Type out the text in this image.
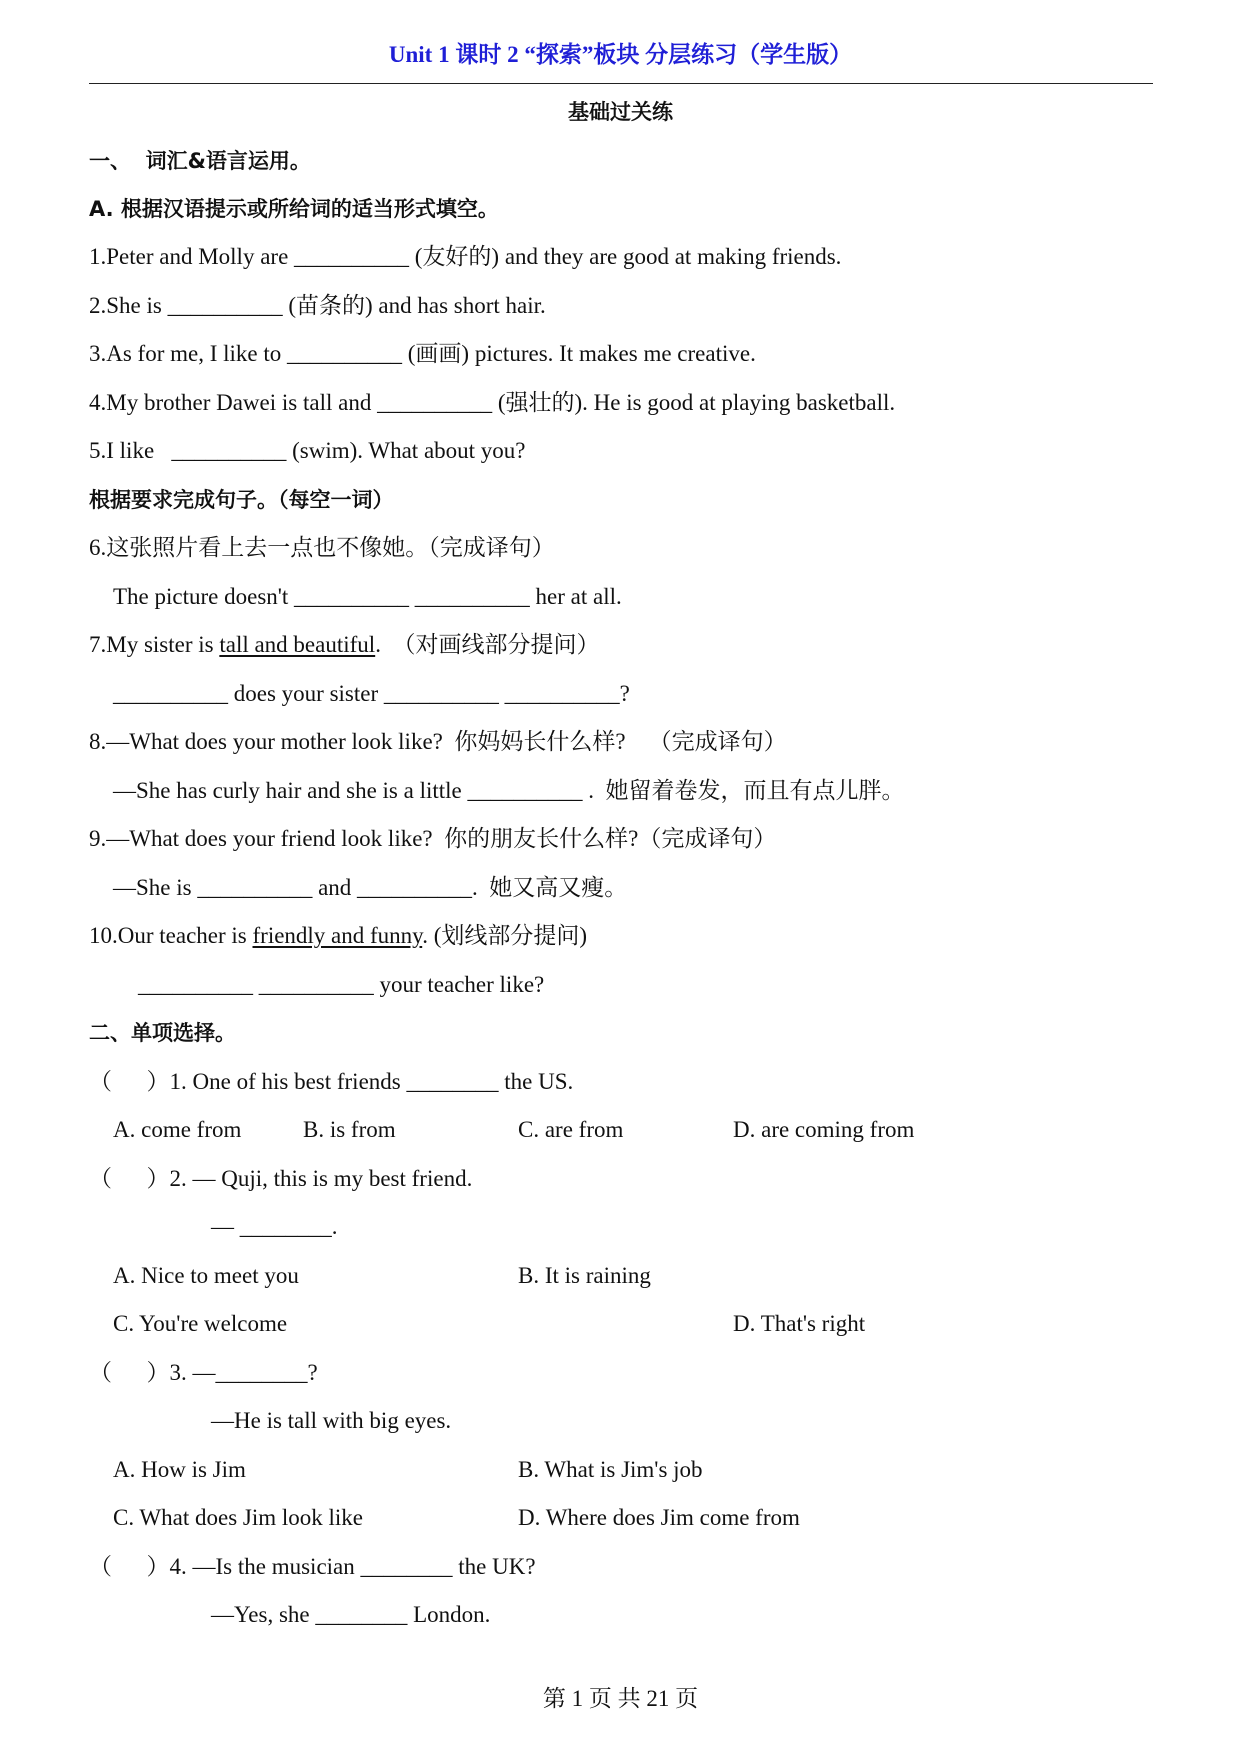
Unit 1 课时 2 “探索”板块 分层练习（学生版）
基础过关练
一、  词汇&语言运用。
A. 根据汉语提示或所给词的适当形式填空。
1.Peter and Molly are __________ (友好的) and they are good at making friends.
2.She is __________ (苗条的) and has short hair.
3.As for me, I like to __________ (画画) pictures. It makes me creative.
4.My brother Dawei is tall and __________ (强壮的). He is good at playing basketball.
5.I like   __________ (swim). What about you?
根据要求完成句子。（每空一词）
6.这张照片看上去一点也不像她。（完成译句）
The picture doesn't __________ __________ her at all.
7.My sister is tall and beautiful.  （对画线部分提问）
__________ does your sister __________ __________?
8.—What does your mother look like?  你妈妈长什么样?    （完成译句）
—She has curly hair and she is a little __________ .  她留着卷发，而且有点儿胖。
9.—What does your friend look like?  你的朋友长什么样?（完成译句）
—She is __________ and __________.  她又高又瘦。
10.Our teacher is friendly and funny. (划线部分提问)
__________ __________ your teacher like?
二、单项选择。
（      ）1. One of his best friends ________ the US.
A. come from	B. is from	C. are from	D. are coming from
（      ）2. — Quji, this is my best friend.
— ________.
A. Nice to meet you	B. It is raining
C. You're welcome	D. That's right
（      ）3. —________?
—He is tall with big eyes.
A. How is Jim	B. What is Jim's job
C. What does Jim look like	D. Where does Jim come from
（      ）4. —Is the musician ________ the UK?
—Yes, she ________ London.
第 1 页 共 21 页
